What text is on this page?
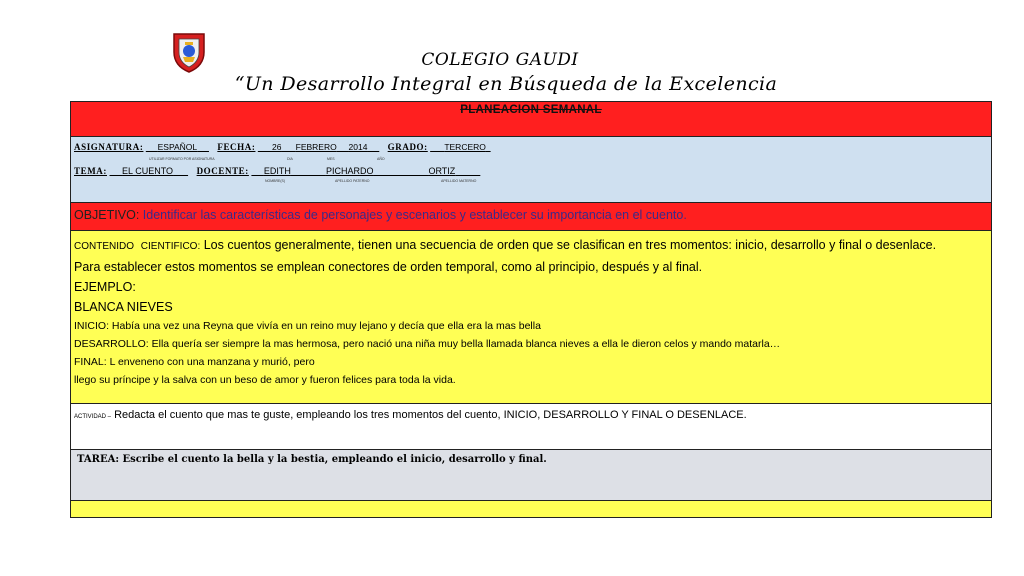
COLEGIO GAUDI
“Un Desarrollo Integral en Búsqueda de la Excelencia
PLANEACION SEMANAL
ASIGNATURA: ESPAÑOL FECHA: 26 FEBRERO 2014 GRADO: TERCERO
UTILIZAR FORMATO POR ASIGNATURA	DIA	MES	AÑO
TEMA: EL CUENTO	DOCENTE: EDITH	PICHARDO	ORTIZ
NOMBRE(S)	APELLIDO PATERNO	APELLIDO MATERNO
OBJETIVO: Identificar las características de personajes y escenarios y establecer su importancia en el cuento.
CONTENIDO CIENTIFICO: Los cuentos generalmente, tienen una secuencia de orden que se clasifican en tres momentos: inicio, desarrollo y final o desenlace.
Para establecer estos momentos se emplean conectores de orden temporal, como al principio, después y al final.
EJEMPLO:
BLANCA NIEVES
INICIO: Había una vez una Reyna que vivía en un reino muy lejano y decía que ella era la mas bella
DESARROLLO: Ella quería ser siempre la mas hermosa, pero nació una niña muy bella llamada blanca nieves a ella le dieron celos y mando matarla…
FINAL: L enveneno con una manzana y murió, pero
llego su príncipe y la salva con un beso de amor y fueron felices para toda la vida.
ACTIVIDAD – Redacta el cuento que mas te guste, empleando los tres momentos del cuento, INICIO, DESARROLLO Y FINAL O DESENLACE.
TAREA: Escribe el cuento la bella y la bestia, empleando el inicio, desarrollo y final.
